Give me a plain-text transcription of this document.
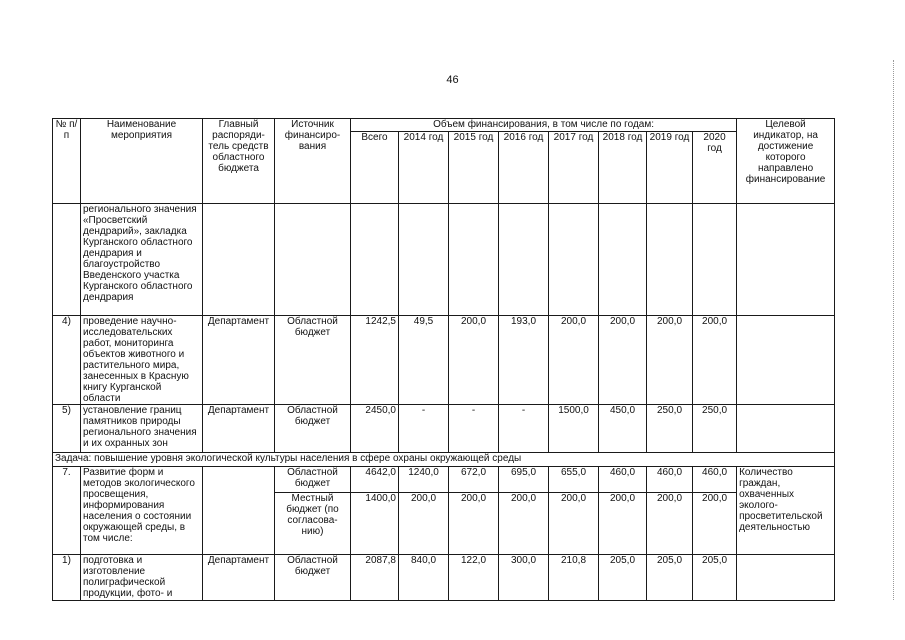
46
№ п/п	Наименование мероприятия	Главный распоряди-тель средств областного бюджета	Источник финансиро-вания	Объем финансирования, в том числе по годам:								Целевой индикатор, на достижение которого направлено финансирование
				Всего	2014 год	2015 год	2016 год	2017 год	2018 год	2019 год	2020 год	
	регионального значения «Просветский дендрарий», закладка Курганского областного дендрария и благоустройство Введенского участка Курганского областного дендрария											
4)	проведение научно-исследовательских работ, мониторинга объектов животного и растительного мира, занесенных в Красную книгу Курганской области	Департамент	Областной бюджет	1242,5	49,5	200,0	193,0	200,0	200,0	200,0	200,0	
5)	установление границ памятников природы регионального значения и их охранных зон	Департамент	Областной бюджет	2450,0	-	-	-	1500,0	450,0	250,0	250,0	
Задача: повышение уровня экологической культуры населения в сфере охраны окружающей среды												
7.	Развитие форм и методов экологического просвещения, информирования населения о состоянии окружающей среды, в том числе:		Областной бюджет	4642,0	1240,0	672,0	695,0	655,0	460,0	460,0	460,0	Количество граждан, охваченных эколого-просветительской деятельностью
			Местный бюджет (по согласова-нию)	1400,0	200,0	200,0	200,0	200,0	200,0	200,0	200,0	
1)	подготовка и изготовление полиграфической продукции, фото- и	Департамент	Областной бюджет	2087,8	840,0	122,0	300,0	210,8	205,0	205,0	205,0	
